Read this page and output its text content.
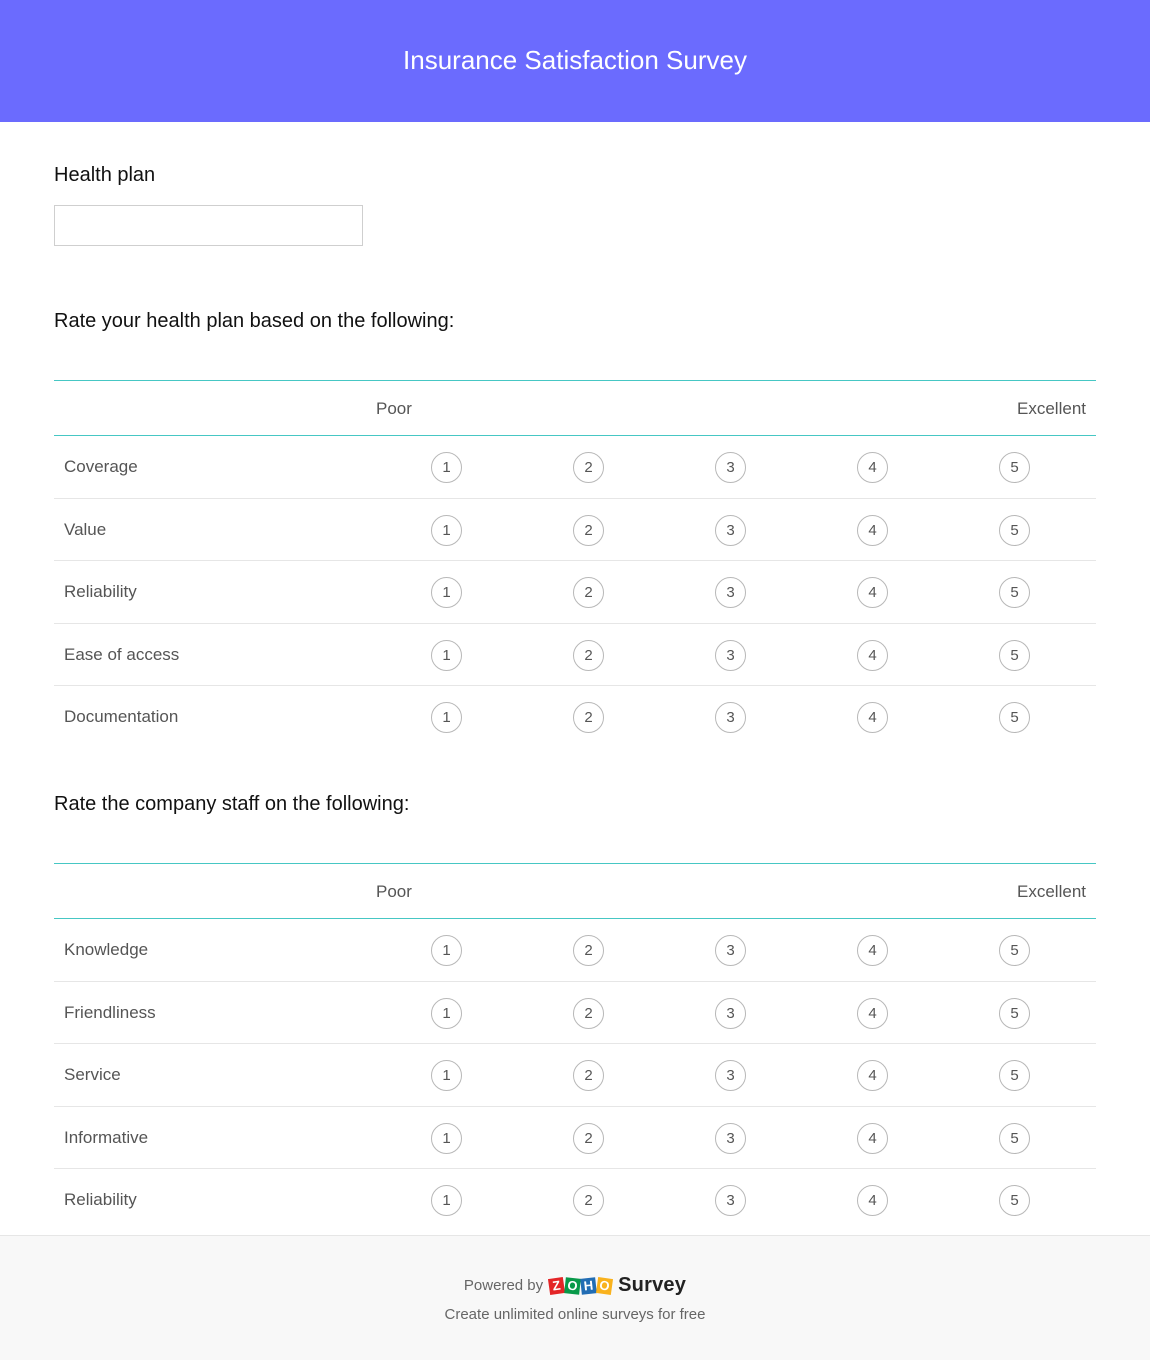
Insurance Satisfaction Survey
Health plan
Rate your health plan based on the following:
Poor	Excellent
Coverage	1	2	3	4	5
Value	1	2	3	4	5
Reliability	1	2	3	4	5
Ease of access	1	2	3	4	5
Documentation	1	2	3	4	5
Rate the company staff on the following:
Poor	Excellent
Knowledge	1	2	3	4	5
Friendliness	1	2	3	4	5
Service	1	2	3	4	5
Informative	1	2	3	4	5
Reliability	1	2	3	4	5
Powered by Z O H O Survey
Create unlimited online surveys for free
